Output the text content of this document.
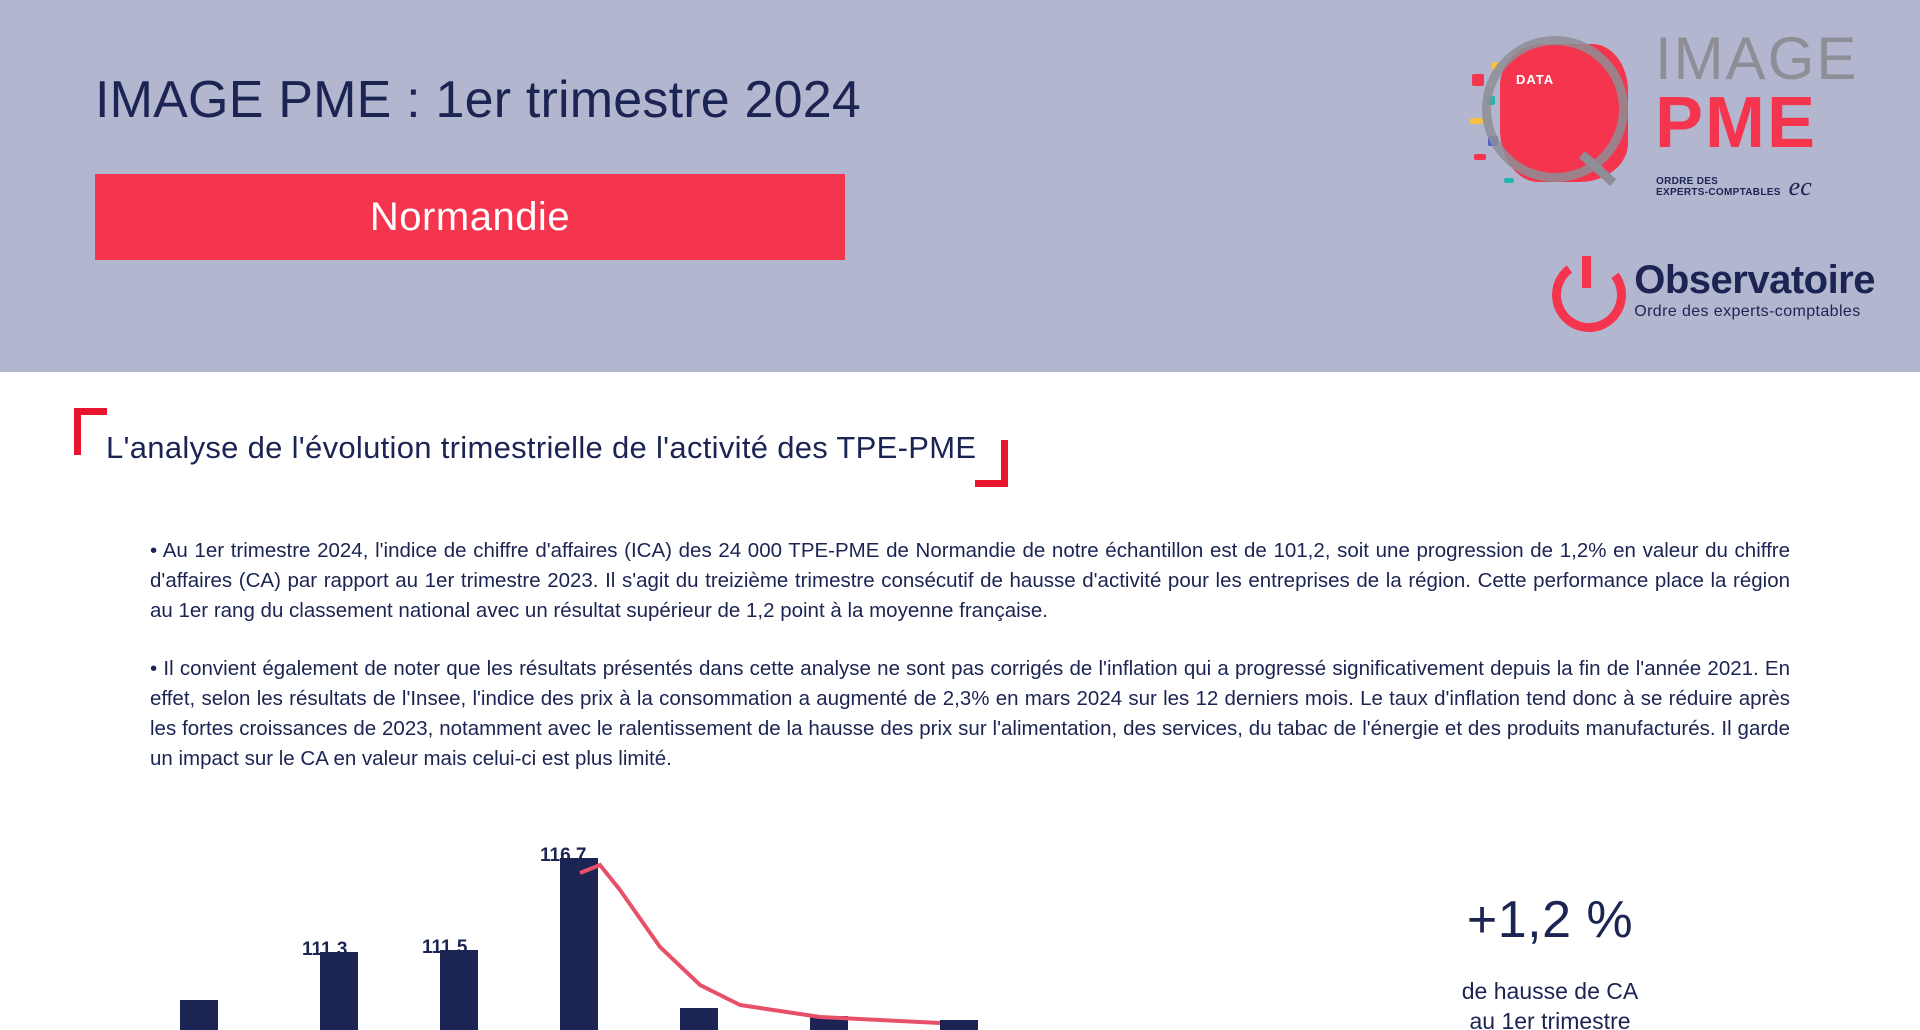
IMAGE PME : 1er trimestre 2024
Normandie
DATA IMAGE
PME
ORDRE DES
EXPERTS-COMPTABLES ec
Observatoire
Ordre des experts-comptables
L'analyse de l'évolution trimestrielle de l'activité des TPE-PME

• Au 1er trimestre 2024, l'indice de chiffre d'affaires (ICA) des 24 000 TPE-PME de Normandie de notre échantillon est de 101,2, soit une progression de 1,2% en valeur du chiffre d'affaires (CA) par rapport au 1er trimestre 2023. Il s'agit du treizième trimestre consécutif de hausse d'activité pour les entreprises de la région. Cette performance place la région au 1er rang du classement national avec un résultat supérieur de 1,2 point à la moyenne française.

• Il convient également de noter que les résultats présentés dans cette analyse ne sont pas corrigés de l'inflation qui a progressé significativement depuis la fin de l'année 2021. En effet, selon les résultats de l'Insee, l'indice des prix à la consommation a augmenté de 2,3% en mars 2024 sur les 12 derniers mois. Le taux d'inflation tend donc à se réduire après les fortes croissances de 2023, notamment avec le ralentissement de la hausse des prix sur l'alimentation, des services, du tabac de l'énergie et des produits manufacturés. Il garde un impact sur le CA en valeur mais celui-ci est plus limité.

111,3	111,5
116,7
+1,2 %
de hausse de CA
au 1er trimestre
